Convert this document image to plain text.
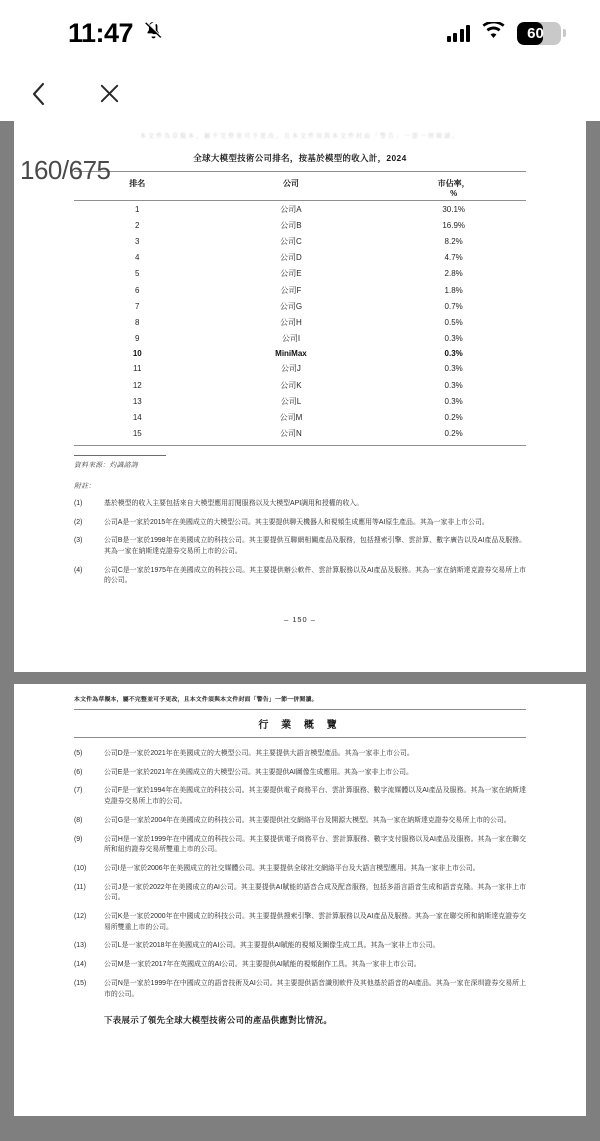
11:47	60
160/675
本文件為草擬本，屬不完整並可予更改，且本文件須與本文件封面「警告」一節一併閱讀。
全球大模型技術公司排名，按基於模型的收入計，2024
排名	公司	市佔率，
%

1	公司A	30.1%
2	公司B	16.9%
3	公司C	8.2%
4	公司D	4.7%
5	公司E	2.8%
6	公司F	1.8%
7	公司G	0.7%
8	公司H	0.5%
9	公司I	0.3%
10	MiniMax	0.3%
11	公司J	0.3%
12	公司K	0.3%
13	公司L	0.3%
14	公司M	0.2%
15	公司N	0.2%
資料來源：灼識諮詢
附註：
(1)	基於模型的收入主要包括來自大模型應用訂閱服務以及大模型API調用和授權的收入。
(2)	公司A是一家於2015年在美國成立的大模型公司。其主要提供聊天機器人和視頻生成應用等AI原生產品。其為一家非上市公司。
(3)	公司B是一家於1998年在美國成立的科技公司。其主要提供互聯網相關產品及服務，包括搜索引擎、雲計算、數字廣告以及AI產品及服務。其為一家在納斯達克證券交易所上市的公司。
(4)	公司C是一家於1975年在美國成立的科技公司。其主要提供辦公軟件、雲計算服務以及AI產品及服務。其為一家在納斯達克證券交易所上市的公司。
– 150 –
本文件為草擬本，屬不完整並可予更改，且本文件須與本文件封面「警告」一節一併閱讀。
行 業 概 覽
(5)	公司D是一家於2021年在美國成立的大模型公司。其主要提供大語言模型產品。其為一家非上市公司。
(6)	公司E是一家於2021年在美國成立的大模型公司。其主要提供AI圖像生成應用。其為一家非上市公司。
(7)	公司F是一家於1994年在美國成立的科技公司。其主要提供電子商務平台、雲計算服務、數字流媒體以及AI產品及服務。其為一家在納斯達克證券交易所上市的公司。
(8)	公司G是一家於2004年在美國成立的科技公司。其主要提供社交網絡平台及開源大模型。其為一家在納斯達克證券交易所上市的公司。
(9)	公司H是一家於1999年在中國成立的科技公司。其主要提供電子商務平台、雲計算服務、數字支付服務以及AI產品及服務。其為一家在聯交所和紐約證券交易所雙重上市的公司。
(10)	公司I是一家於2006年在美國成立的社交媒體公司。其主要提供全球社交網絡平台及大語言模型應用。其為一家非上市公司。
(11)	公司J是一家於2022年在美國成立的AI公司。其主要提供AI賦能的語音合成及配音服務，包括多語言語音生成和語音克隆。其為一家非上市公司。
(12)	公司K是一家於2000年在中國成立的科技公司。其主要提供搜索引擎、雲計算服務以及AI產品及服務。其為一家在聯交所和納斯達克證券交易所雙重上市的公司。
(13)	公司L是一家於2018年在美國成立的AI公司。其主要提供AI賦能的視頻及圖像生成工具。其為一家非上市公司。
(14)	公司M是一家於2017年在英國成立的AI公司。其主要提供AI賦能的視頻創作工具。其為一家非上市公司。
(15)	公司N是一家於1999年在中國成立的語音技術及AI公司。其主要提供語音識別軟件及其他基於語音的AI產品。其為一家在深圳證券交易所上市的公司。
下表展示了領先全球大模型技術公司的產品供應對比情況。
